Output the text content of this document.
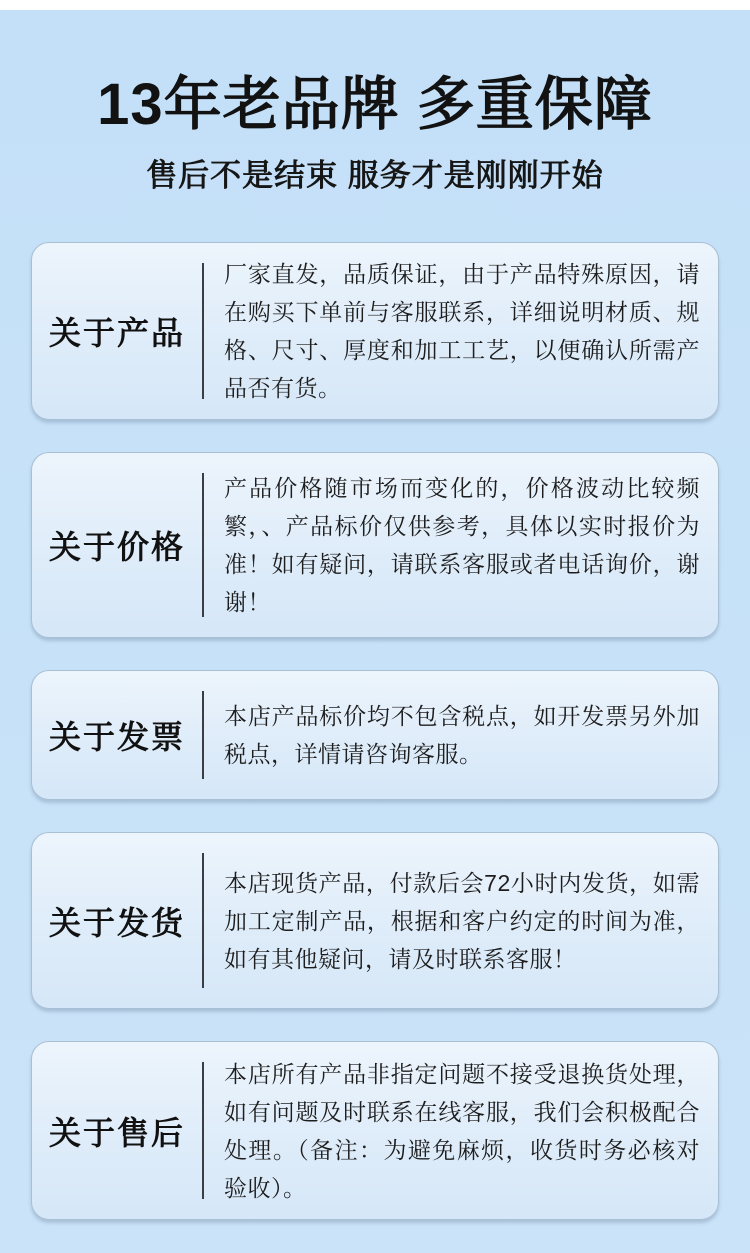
13年老品牌 多重保障
售后不是结束 服务才是刚刚开始
关于产品
厂家直发，品质保证，由于产品特殊原因，请在购买下单前与客服联系，详细说明材质、规格、尺寸、厚度和加工工艺，以便确认所需产品否有货。
关于价格
产品价格随市场而变化的，价格波动比较频繁，、产品标价仅供参考，具体以实时报价为准！如有疑问，请联系客服或者电话询价，谢谢！
关于发票
本店产品标价均不包含税点，如开发票另外加税点，详情请咨询客服。
关于发货
本店现货产品，付款后会72小时内发货，如需加工定制产品，根据和客户约定的时间为准，如有其他疑问，请及时联系客服！
关于售后
本店所有产品非指定问题不接受退换货处理，如有问题及时联系在线客服，我们会积极配合处理。（备注：为避免麻烦，收货时务必核对验收）。
